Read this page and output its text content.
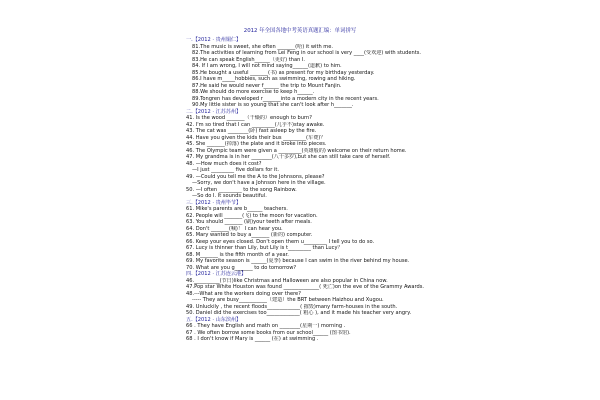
2012 年全国各地中考英语真题汇编：单词拼写
一.【2012 · 贵州铜仁】
81.The music is sweet, she often _______(哈) it with me.
82.The activities of learning from Lei Feng in our school is very ____(受欢迎) with students.
83.He can speak English______（更好) than I.
84. If I am wrong, I will not mind saying______(道歉) to him.
85.He bought a useful _______(书) as present for my birthday yesterday.
86.I have m_____hobbies, such as swimming, rowing and hiking.
87.He said he would never f______ the trip to Mount Fanjin.
88.We should do more exercise to keep h______.
89.Tongren has developed r_______into a modern city in the recent years.
90.My little sister is so young that she can't look after h_______.
二.【2012 · 江苏苏州】
41. Is the wood _______（干燥的）enough to burn?
42. I'm so tired that I can _________(几乎不)stay awake.
43. The cat was ________(卧) fast asleep by the fire.
44. Have you given the kids their bus _________(车费)？
45. She _______(掉落) the plate and it broke into pieces.
46. The Olympic team were given a _________(英雄般的) welcome on their return home.
47. My grandma is in her ________(八十多岁),but she can still take care of herself.
48. —How much does it cost?
—I just _________ five dollars for it.
49. —Could you tell me the A to the Johnsons, please?
—Sorry, we don't have a Johnson here in the village.
50. —I often _________ to the song Rainbow.
—So do I. It sounds beautiful.
三.【2012 · 贵州毕节】
61. Mike's parents are b______ teachers.
62. People will _______(飞) to the moon for vacation.
63. You should _______ (刷)your teeth after meals.
64. Don't _______(喊)！ I can hear you.
65. Mary wanted to buy a_______ (新的) computer.
66. Keep your eyes closed. Don't open them u_________ I tell you to do so.
67. Lucy is thinner than Lily, but Lily is t_________ than Lucy？
68. M_______ is the fifth month of a year.
69. My favorite season is ______(夏季) because I can swim in the river behind my house.
70. What are you g_______ to do tomorrow?
四.【2012 · 江苏连云港】
46.__________(节日)like Christmas and Halloween are also popular in China now.
47.Pop star White Houston was found ______________( 死亡)on the eve of the Grammy Awards.
48.---What are the workers doing over there?
----- They are busy___________（建造）the BRT between Haizhou and Xugou.
49. Unluckily , the recent floods_____________( 摧毁)many farm-houses in the south.
50. Daniel did the exercises too_____________( 粗心 ), and it made his teacher very angry.
五.【2012 · 山东滨州】
66 . They have English and math on ________(星期一) morning .
67 . We often borrow some books from our school______ (图书馆).
68 . I don't know if Mary is ______ (在) at swimming .
